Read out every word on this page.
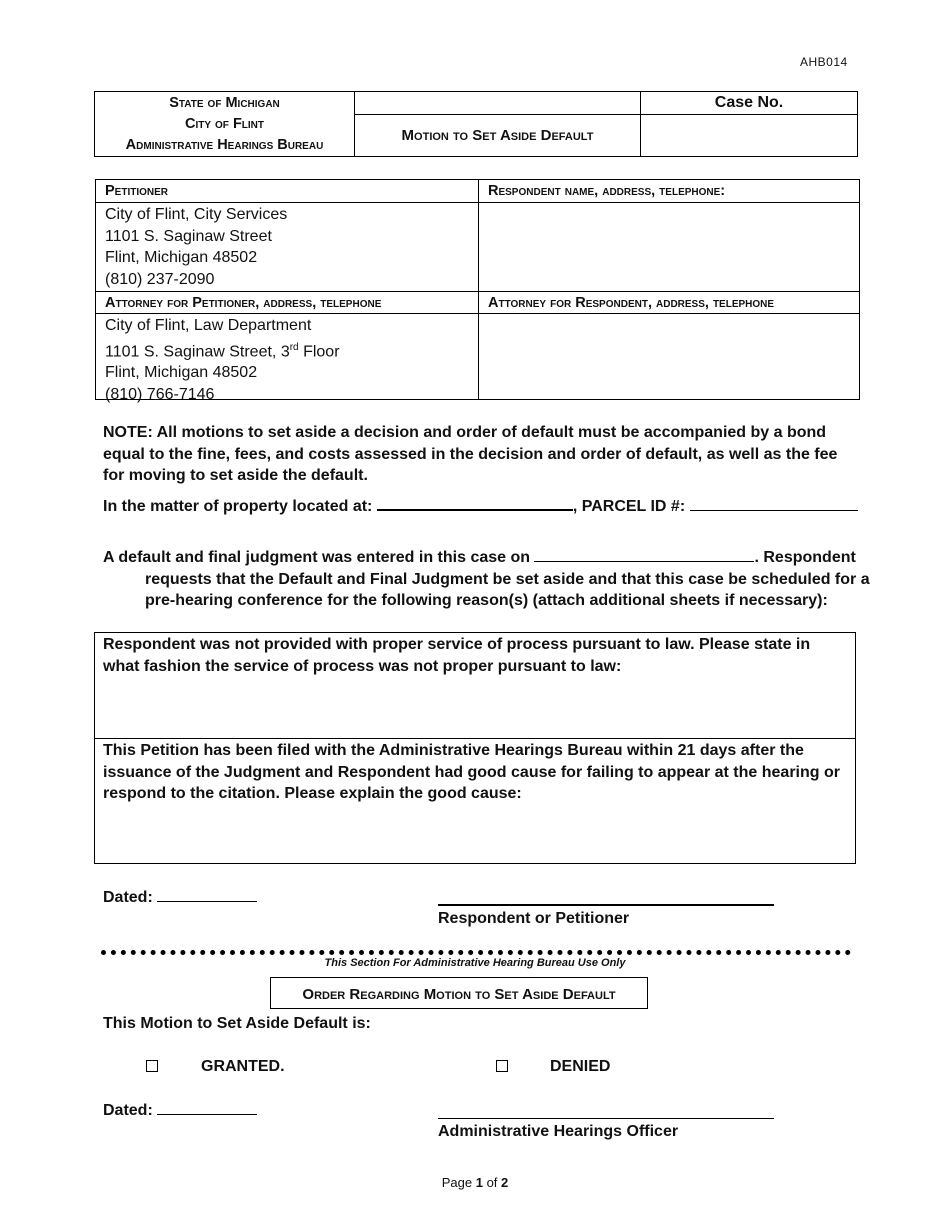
AHB014
State of Michigan
City of Flint
Administrative Hearings Bureau
Motion to Set Aside Default
Case No.
Petitioner	Respondent name, address, telephone:
City of Flint, City Services
1101 S. Saginaw Street
Flint, Michigan 48502
(810) 237-2090
Attorney for Petitioner, address, telephone	Attorney for Respondent, address, telephone
City of Flint, Law Department
1101 S. Saginaw Street, 3rd Floor
Flint, Michigan 48502
(810) 766-7146
NOTE: All motions to set aside a decision and order of default must be accompanied by a bond equal to the fine, fees, and costs assessed in the decision and order of default, as well as the fee for moving to set aside the default.
In the matter of property located at:	, PARCEL ID #:
A default and final judgment was entered in this case on	. Respondent
requests that the Default and Final Judgment be set aside and that this case be scheduled for a
pre-hearing conference for the following reason(s) (attach additional sheets if necessary):
Respondent was not provided with proper service of process pursuant to law. Please state in what fashion the service of process was not proper pursuant to law:
This Petition has been filed with the Administrative Hearings Bureau within 21 days after the issuance of the Judgment and Respondent had good cause for failing to appear at the hearing or respond to the citation. Please explain the good cause:
Dated:
Respondent or Petitioner
This Section For Administrative Hearing Bureau Use Only
Order Regarding Motion to Set Aside Default
This Motion to Set Aside Default is:
GRANTED.	DENIED
Dated:
Administrative Hearings Officer
Page 1 of 2
